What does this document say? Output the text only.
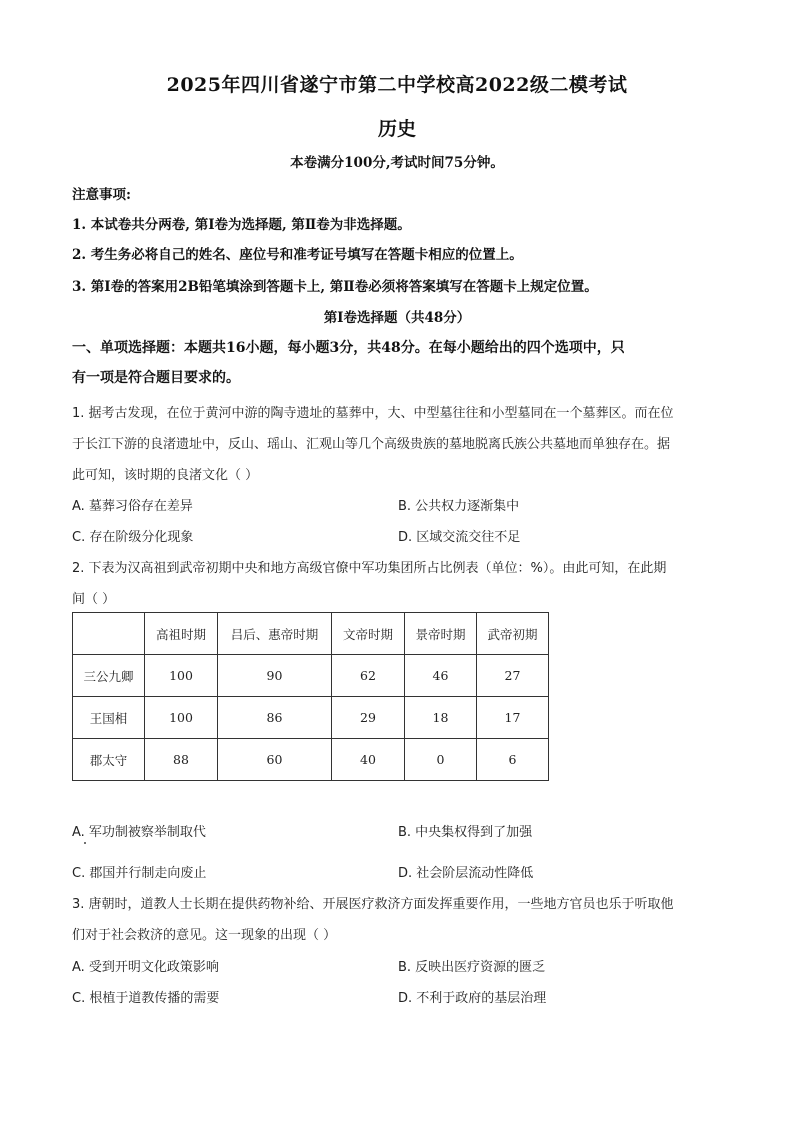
2025年四川省遂宁市第二中学校高2022级二模考试
历史
本卷满分100分,考试时间75分钟。
注意事项:
1. 本试卷共分两卷, 第Ⅰ卷为选择题, 第Ⅱ卷为非选择题。
2. 考生务必将自己的姓名、座位号和准考证号填写在答题卡相应的位置上。
3. 第Ⅰ卷的答案用2B铅笔填涂到答题卡上, 第Ⅱ卷必须将答案填写在答题卡上规定位置。
第Ⅰ卷选择题（共48分）
一、单项选择题：本题共16小题，每小题3分，共48分。在每小题给出的四个选项中，只
有一项是符合题目要求的。
1. 据考古发现，在位于黄河中游的陶寺遗址的墓葬中，大、中型墓往往和小型墓同在一个墓葬区。而在位
于长江下游的良渚遗址中，反山、瑶山、汇观山等几个高级贵族的墓地脱离氏族公共墓地而单独存在。据
此可知，该时期的良渚文化（ ）
A. 墓葬习俗存在差异	B. 公共权力逐渐集中
C. 存在阶级分化现象	D. 区域交流交往不足
2. 下表为汉高祖到武帝初期中央和地方高级官僚中军功集团所占比例表（单位：%）。由此可知，在此期
间（ ）
	高祖时期	吕后、惠帝时期	文帝时期	景帝时期	武帝初期
三公九卿	100	90	62	46	27
王国相	100	86	29	18	17
郡太守	88	60	40	0	6
A. 军功制被察举制取代	B. 中央集权得到了加强
C. 郡国并行制走向废止	D. 社会阶层流动性降低
3. 唐朝时，道教人士长期在提供药物补给、开展医疗救济方面发挥重要作用，一些地方官员也乐于听取他
们对于社会救济的意见。这一现象的出现（ ）
A. 受到开明文化政策影响	B. 反映出医疗资源的匮乏
C. 根植于道教传播的需要	D. 不利于政府的基层治理
